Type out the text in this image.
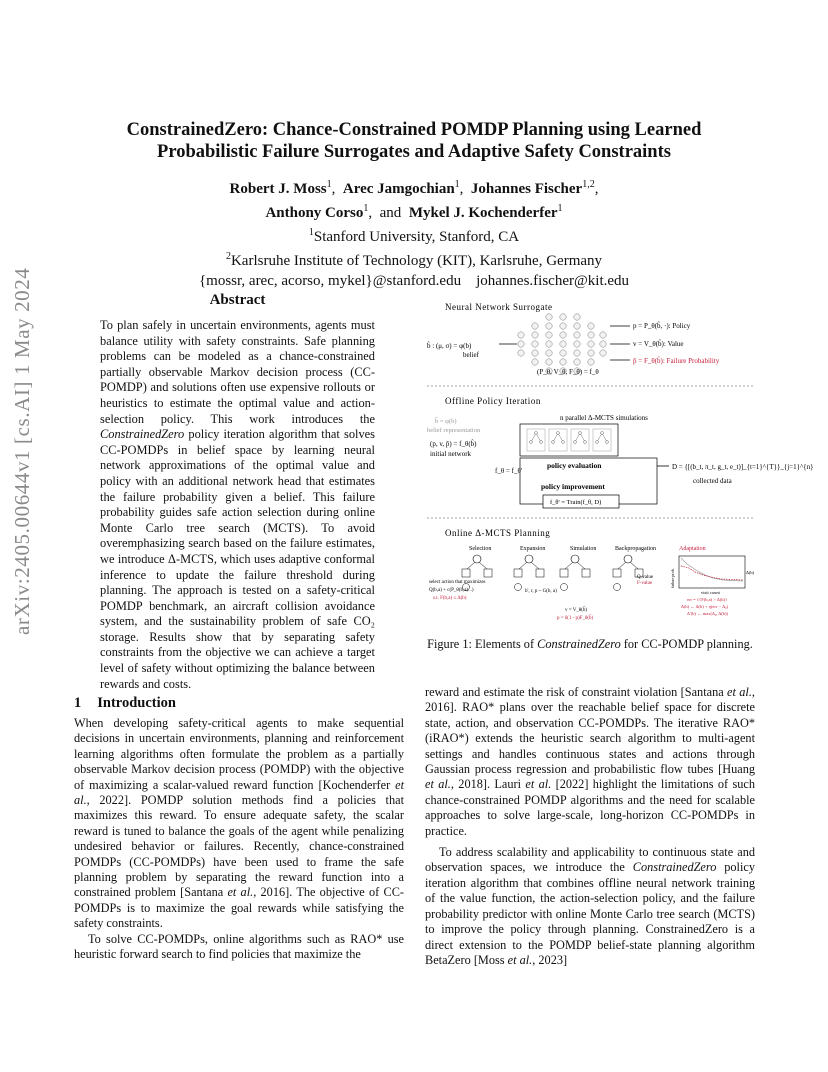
arXiv:2405.00644v1 [cs.AI] 1 May 2024
ConstrainedZero: Chance-Constrained POMDP Planning using Learned
Probabilistic Failure Surrogates and Adaptive Safety Constraints
Robert J. Moss$^1$,  Arec Jamgochian$^1$,  Johannes Fischer$^{1,2}$,
Anthony Corso$^1$,  and Mykel J. Kochenderfer$^1$
$^1$Stanford University, Stanford, CA
$^2$Karlsruhe Institute of Technology (KIT), Karlsruhe, Germany
{mossr, arec, acorso, mykel}@stanford.edu    johannes.fischer@kit.edu
Abstract
To plan safely in uncertain environments, agents must balance utility with safety constraints. Safe planning problems can be modeled as a chance-constrained partially observable Markov decision process (CC-POMDP) and solutions often use expensive rollouts or heuristics to estimate the optimal value and action-selection policy. This work introduces the ConstrainedZero policy iteration algorithm that solves CC-POMDPs in belief space by learning neural network approximations of the optimal value and policy with an additional network head that estimates the failure probability given a belief. This failure probability guides safe action selection during online Monte Carlo tree search (MCTS). To avoid overemphasizing search based on the failure estimates, we introduce Δ-MCTS, which uses adaptive conformal inference to update the failure threshold during planning. The approach is tested on a safety-critical POMDP benchmark, an aircraft collision avoidance system, and the sustainability problem of safe CO₂ storage. Results show that by separating safety constraints from the objective we can achieve a target level of safety without optimizing the balance between rewards and costs.
Neural Network Surrogate
b̂ : (μ, σ) = φ(b)
belief
p = P_θ(b̂, ·): Policy
v = V_θ(b̂): Value
p̂ = F_θ(b̂): Failure Probability
(P_θ, V_θ, F_θ) = f_θ
Offline Policy Iteration
b̂ = φ(b)
belief representation
n parallel Δ-MCTS simulations
(p, v, p̂) = f_θ(b̂)
initial network
f_θ = f_θ'
policy evaluation
policy improvement
f_θ' = Train(f_θ, D)
D = {[(b_t, π_t, g_t, e_t)]_{t=1}^{T}}_{j=1}^{n}
collected data
Online Δ-MCTS Planning
Selection	Expansion	Simulation	Backpropagation	Adaptation
select action that maximizes
Q(b,a) + c(P_θ(b,a)...)
s.t. F(b,a) ≤ Δ(b)
b', r, p ~ G(b, a)
v = V_θ(b̂)
p = δ(1 - p)F_θ(b̂)
Q-value
F-value
Δ(b)
failure prob.
visit count
err = 1{F(b,a) > Δ(b)}
Δ(b) ← Δ(b) + η(err − Δ₀)
Δ'(b) ← max(Δ₀, Δ(b))
Figure 1: Elements of ConstrainedZero for CC-POMDP planning.
1 Introduction

When developing safety-critical agents to make sequential decisions in uncertain environments, planning and reinforcement learning algorithms often formulate the problem as a partially observable Markov decision process (POMDP) with the objective of maximizing a scalar-valued reward function [Kochenderfer et al., 2022]. POMDP solution methods find a policies that maximizes this reward. To ensure adequate safety, the scalar reward is tuned to balance the goals of the agent while penalizing undesired behavior or failures. Recently, chance-constrained POMDPs (CC-POMDPs) have been used to frame the safe planning problem by separating the reward function into a constrained problem [Santana et al., 2016]. The objective of CC-POMDPs is to maximize the goal rewards while satisfying the safety constraints.

To solve CC-POMDPs, online algorithms such as RAO* use heuristic forward search to find policies that maximize the

reward and estimate the risk of constraint violation [Santana et al., 2016]. RAO* plans over the reachable belief space for discrete state, action, and observation CC-POMDPs. The iterative RAO* (iRAO*) extends the heuristic search algorithm to multi-agent settings and handles continuous states and actions through Gaussian process regression and probabilistic flow tubes [Huang et al., 2018]. Lauri et al. [2022] highlight the limitations of such chance-constrained POMDP algorithms and the need for scalable approaches to solve large-scale, long-horizon CC-POMDPs in practice.

To address scalability and applicability to continuous state and observation spaces, we introduce the ConstrainedZero policy iteration algorithm that combines offline neural network training of the value function, the action-selection policy, and the failure probability predictor with online Monte Carlo tree search (MCTS) to improve the policy through planning. ConstrainedZero is a direct extension to the POMDP belief-state planning algorithm BetaZero [Moss et al., 2023]
